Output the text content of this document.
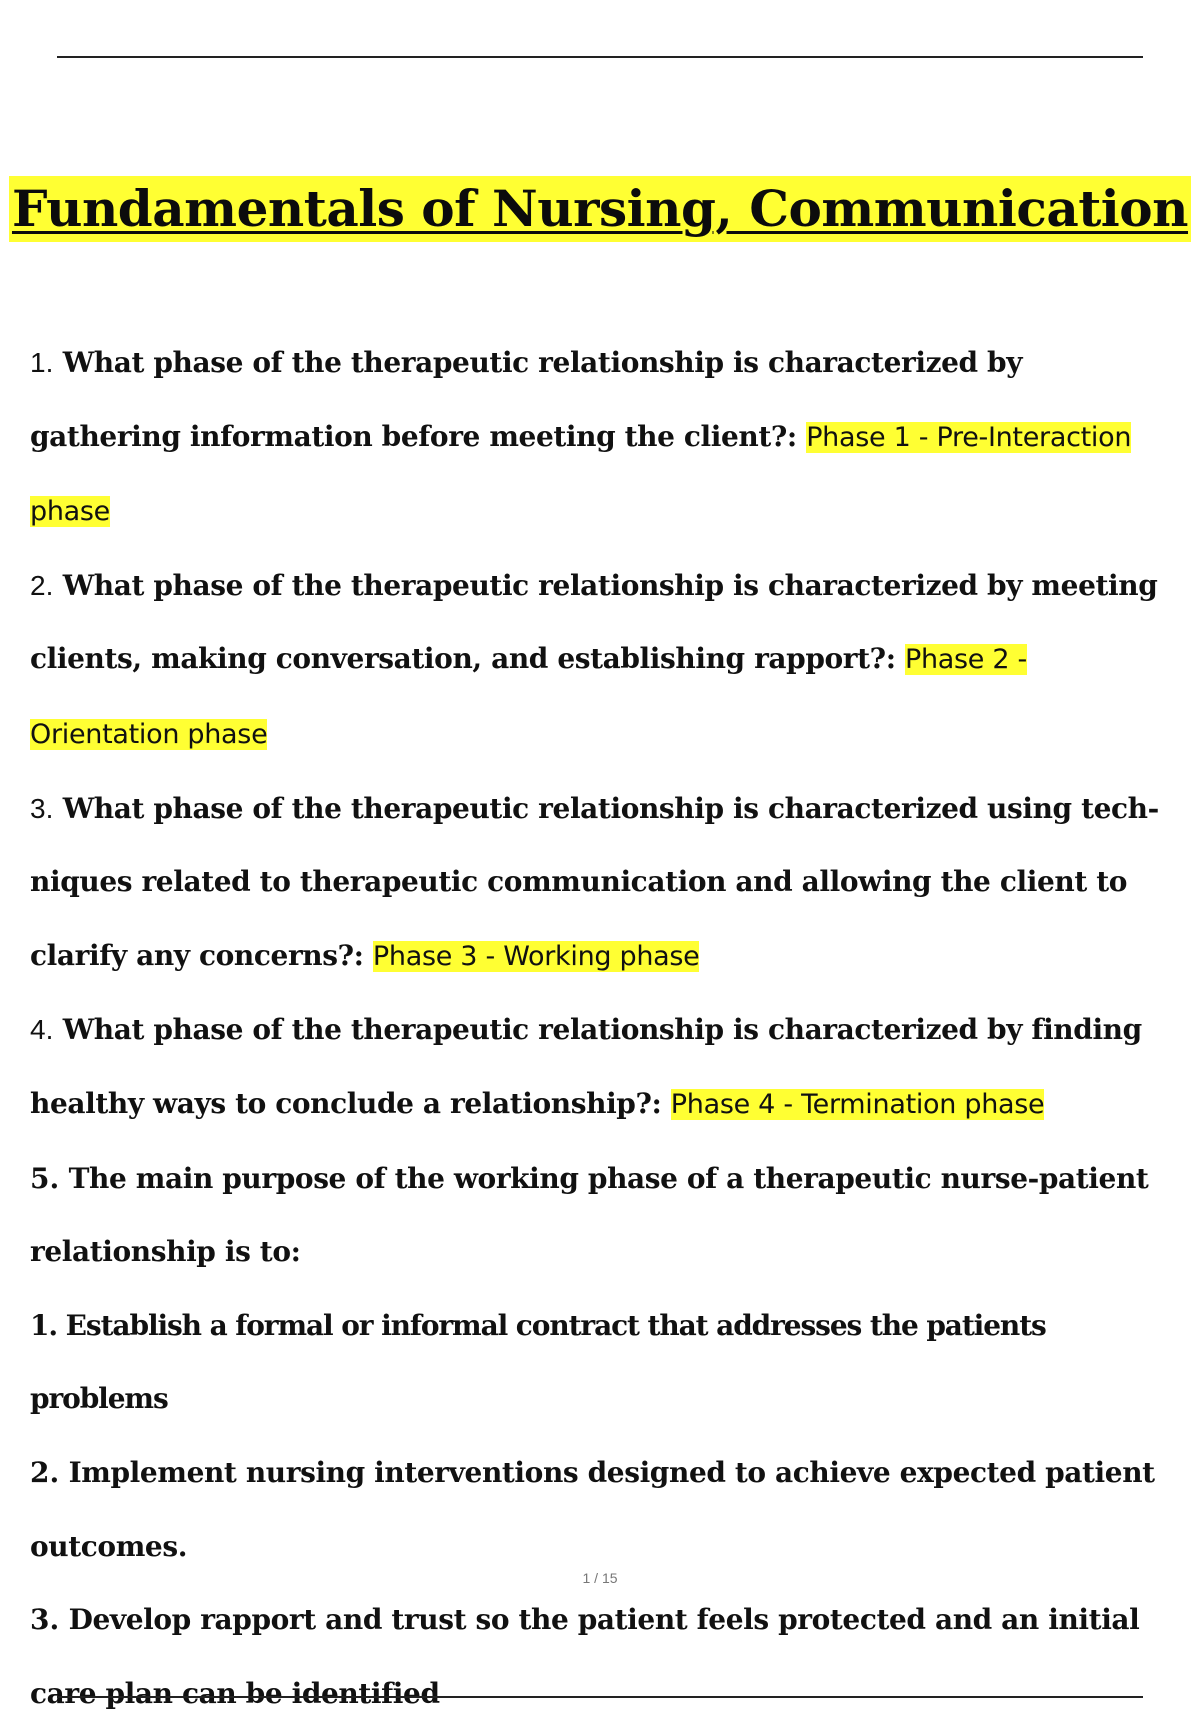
Fundamentals of Nursing, Communication

1. What phase of the therapeutic relationship is characterized by gathering information before meeting the client?: Phase 1 - Pre-Interaction phase

2. What phase of the therapeutic relationship is characterized by meeting clients, making conversation, and establishing rapport?: Phase 2 - Orientation phase

3. What phase of the therapeutic relationship is characterized using tech- niques related to therapeutic communication and allowing the client to clarify any concerns?: Phase 3 - Working phase

4. What phase of the therapeutic relationship is characterized by finding healthy ways to conclude a relationship?: Phase 4 - Termination phase

5. The main purpose of the working phase of a therapeutic nurse-patient relationship is to:

1. Establish a formal or informal contract that addresses the patients problems

2. Implement nursing interventions designed to achieve expected patient outcomes.

3. Develop rapport and trust so the patient feels protected and an initial care plan can be identified

1 / 15
